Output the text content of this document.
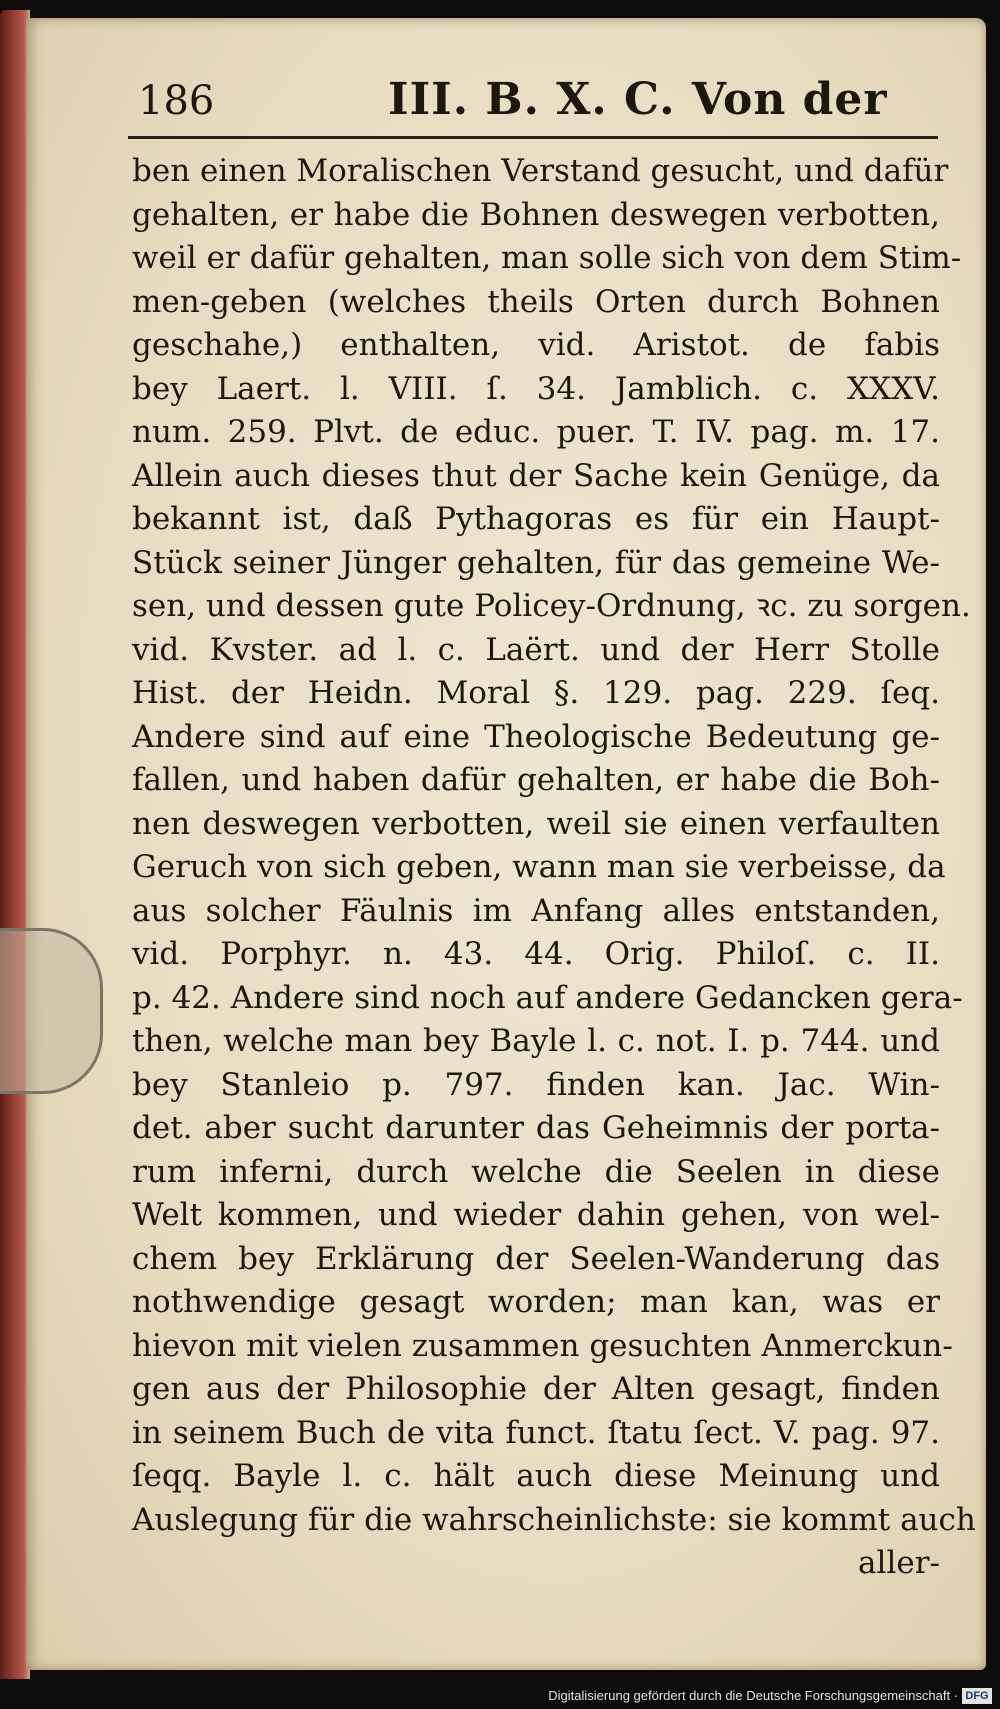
186	III. B. X. C. Von der
ben einen Moralischen Verstand gesucht, und dafür
gehalten, er habe die Bohnen deswegen verbotten,
weil er dafür gehalten, man solle sich von dem Stim-
men-geben (welches theils Orten durch Bohnen
geschahe,) enthalten, vid. Aristot. de fabis
bey Laert. l. VIII. ſ. 34. Jamblich. c. XXXV.
num. 259. Plvt. de educ. puer. T. IV. pag. m. 17.
Allein auch dieses thut der Sache kein Genüge, da
bekannt ist, daß Pythagoras es für ein Haupt-
Stück seiner Jünger gehalten, für das gemeine We-
sen, und dessen gute Policey-Ordnung, ꝛc. zu sorgen.
vid. Kvster. ad l. c. Laërt. und der Herr Stolle
Hist. der Heidn. Moral §. 129. pag. 229. ſeq.
Andere sind auf eine Theologische Bedeutung ge-
fallen, und haben dafür gehalten, er habe die Boh-
nen deswegen verbotten, weil sie einen verfaulten
Geruch von sich geben, wann man sie verbeisse, da
aus solcher Fäulnis im Anfang alles entstanden,
vid. Porphyr. n. 43. 44. Orig. Philoſ. c. II.
p. 42. Andere sind noch auf andere Gedancken gera-
then, welche man bey Bayle l. c. not. I. p. 744. und
bey Stanleio p. 797. finden kan. Jac. Win-
det. aber sucht darunter das Geheimnis der porta-
rum inferni, durch welche die Seelen in diese
Welt kommen, und wieder dahin gehen, von wel-
chem bey Erklärung der Seelen-Wanderung das
nothwendige gesagt worden; man kan, was er
hievon mit vielen zusammen gesuchten Anmerckun-
gen aus der Philosophie der Alten gesagt, finden
in seinem Buch de vita funct. ſtatu ſect. V. pag. 97.
ſeqq. Bayle l. c. hält auch diese Meinung und
Auslegung für die wahrscheinlichste: sie kommt auch
aller-
Digitalisierung gefördert durch die Deutsche Forschungsgemeinschaft · DFG
